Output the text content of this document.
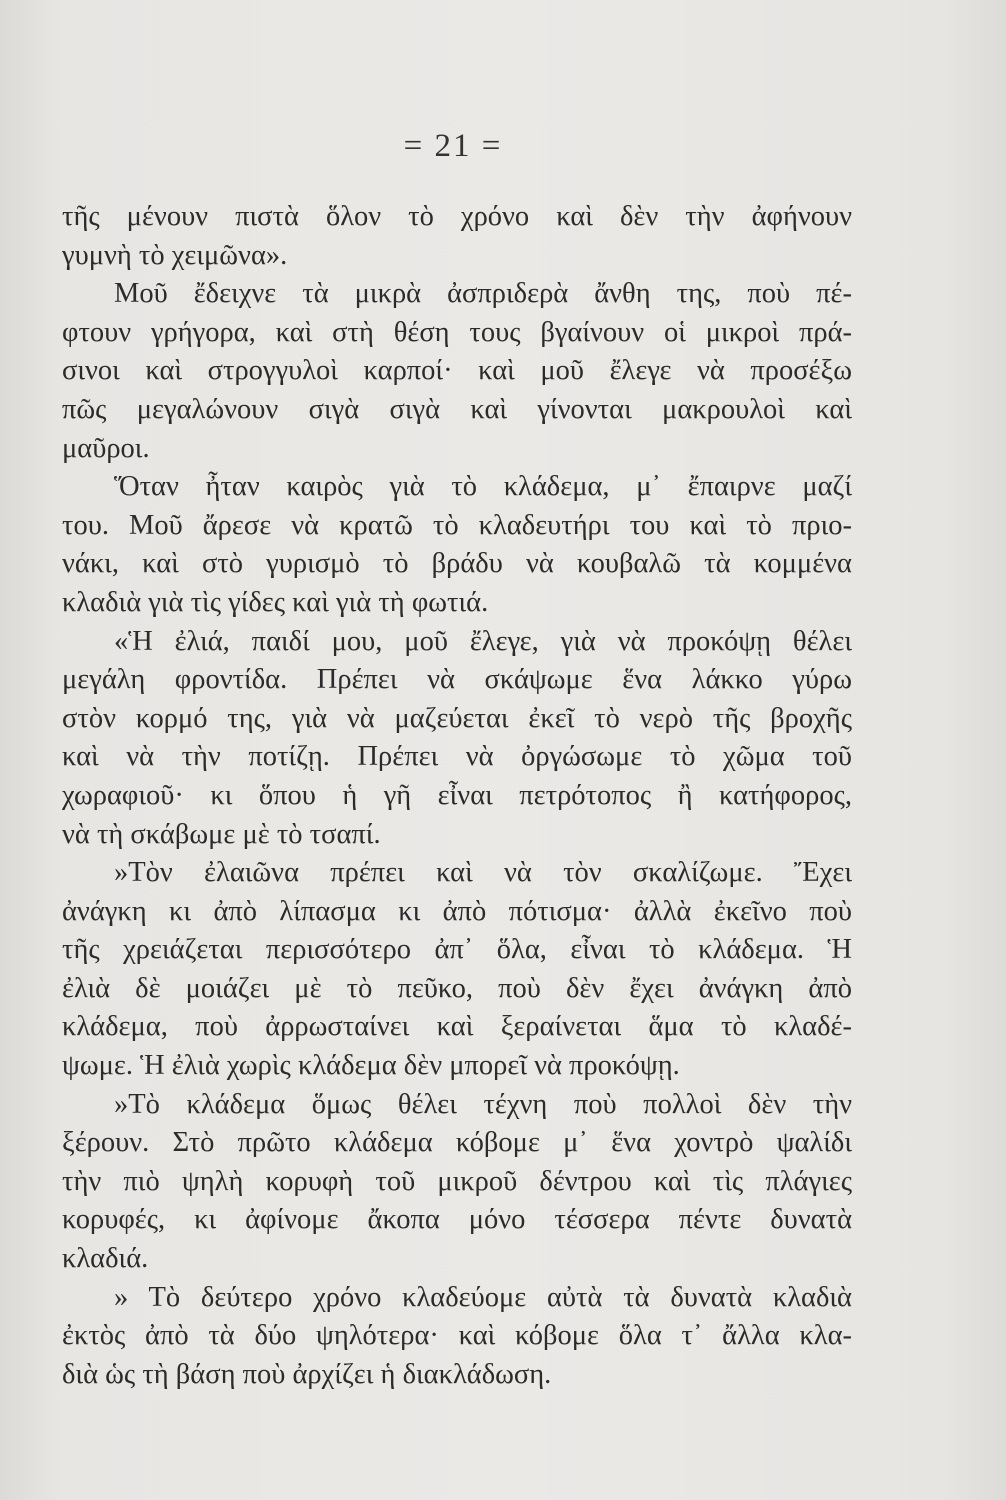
= 21 =
τῆς μένουν πιστὰ ὅλον τὸ χρόνο καὶ δὲν τὴν ἀφήνουν
γυμνὴ τὸ χειμῶνα».
Μοῦ ἔδειχνε τὰ μικρὰ ἀσπριδερὰ ἄνθη της, ποὺ πέ-
φτουν γρήγορα, καὶ στὴ θέση τους βγαίνουν οἱ μικροὶ πρά-
σινοι καὶ στρογγυλοὶ καρποί· καὶ μοῦ ἔλεγε νὰ προσέξω
πῶς μεγαλώνουν σιγὰ σιγὰ καὶ γίνονται μακρουλοὶ καὶ
μαῦροι.
Ὅταν ἦταν καιρὸς γιὰ τὸ κλάδεμα, μ᾿ ἔπαιρνε μαζί
του. Μοῦ ἄρεσε νὰ κρατῶ τὸ κλαδευτήρι του καὶ τὸ πριο-
νάκι, καὶ στὸ γυρισμὸ τὸ βράδυ νὰ κουβαλῶ τὰ κομμένα
κλαδιὰ γιὰ τὶς γίδες καὶ γιὰ τὴ φωτιά.
«Ἡ ἐλιά, παιδί μου, μοῦ ἔλεγε, γιὰ νὰ προκόψῃ θέλει
μεγάλη φροντίδα. Πρέπει νὰ σκάψωμε ἕνα λάκκο γύρω
στὸν κορμό της, γιὰ νὰ μαζεύεται ἐκεῖ τὸ νερὸ τῆς βροχῆς
καὶ νὰ τὴν ποτίζῃ. Πρέπει νὰ ὀργώσωμε τὸ χῶμα τοῦ
χωραφιοῦ· κι ὅπου ἡ γῆ εἶναι πετρότοπος ἢ κατήφορος,
νὰ τὴ σκάβωμε μὲ τὸ τσαπί.
»Τὸν ἐλαιῶνα πρέπει καὶ νὰ τὸν σκαλίζωμε. Ἔχει
ἀνάγκη κι ἀπὸ λίπασμα κι ἀπὸ πότισμα· ἀλλὰ ἐκεῖνο ποὺ
τῆς χρειάζεται περισσότερο ἀπ᾿ ὅλα, εἶναι τὸ κλάδεμα. Ἡ
ἐλιὰ δὲ μοιάζει μὲ τὸ πεῦκο, ποὺ δὲν ἔχει ἀνάγκη ἀπὸ
κλάδεμα, ποὺ ἀρρωσταίνει καὶ ξεραίνεται ἅμα τὸ κλαδέ-
ψωμε. Ἡ ἐλιὰ χωρὶς κλάδεμα δὲν μπορεῖ νὰ προκόψῃ.
»Τὸ κλάδεμα ὅμως θέλει τέχνη ποὺ πολλοὶ δὲν τὴν
ξέρουν. Στὸ πρῶτο κλάδεμα κόβομε μ᾿ ἕνα χοντρὸ ψαλίδι
τὴν πιὸ ψηλὴ κορυφὴ τοῦ μικροῦ δέντρου καὶ τὶς πλάγιες
κορυφές, κι ἀφίνομε ἄκοπα μόνο τέσσερα πέντε δυνατὰ
κλαδιά.
» Τὸ δεύτερο χρόνο κλαδεύομε αὐτὰ τὰ δυνατὰ κλαδιὰ
ἐκτὸς ἀπὸ τὰ δύο ψηλότερα· καὶ κόβομε ὅλα τ᾿ ἄλλα κλα-
διὰ ὡς τὴ βάση ποὺ ἀρχίζει ἡ διακλάδωση.
